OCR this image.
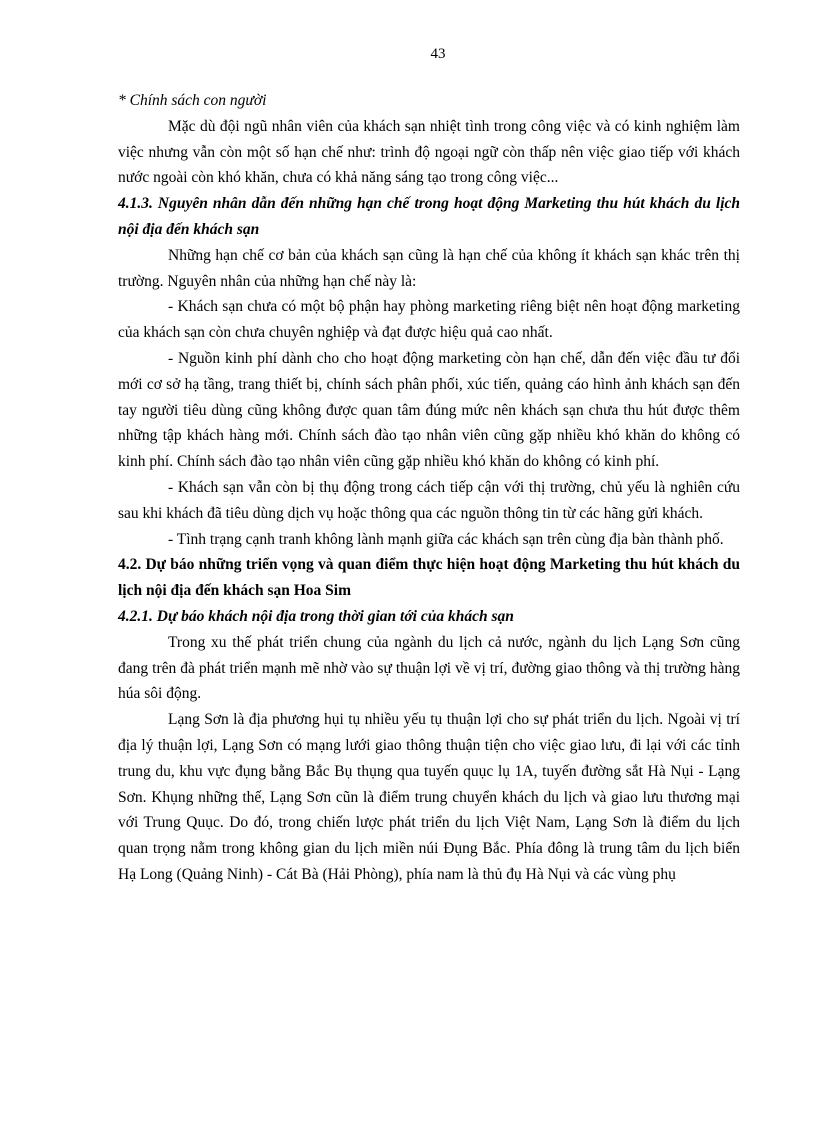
43

* Chính sách con người

Mặc dù đội ngũ nhân viên của khách sạn nhiệt tình trong công việc và có kinh nghiệm làm việc nhưng vẫn còn một số hạn chế như: trình độ ngoại ngữ còn thấp nên việc giao tiếp với khách nước ngoài còn khó khăn, chưa có khả năng sáng tạo trong công việc...

4.1.3. Nguyên nhân dẫn đến những hạn chế trong hoạt động Marketing thu hút khách du lịch nội địa đến khách sạn

Những hạn chế cơ bản của khách sạn cũng là hạn chế của không ít khách sạn khác trên thị trường. Nguyên nhân của những hạn chế này là:

- Khách sạn chưa có một bộ phận hay phòng marketing riêng biệt nên hoạt động marketing của khách sạn còn chưa chuyên nghiệp và đạt được hiệu quả cao nhất.

- Nguồn kinh phí dành cho cho hoạt động marketing còn hạn chế, dẫn đến việc đầu tư đổi mới cơ sở hạ tầng, trang thiết bị, chính sách phân phối, xúc tiến, quảng cáo hình ảnh khách sạn đến tay người tiêu dùng cũng không được quan tâm đúng mức nên khách sạn chưa thu hút được thêm những tập khách hàng mới. Chính sách đào tạo nhân viên cũng gặp nhiều khó khăn do không có kinh phí. Chính sách đào tạo nhân viên cũng gặp nhiều khó khăn do không có kinh phí.

- Khách sạn vẫn còn bị thụ động trong cách tiếp cận với thị trường, chủ yếu là nghiên cứu sau khi khách đã tiêu dùng dịch vụ hoặc thông qua các nguồn thông tin từ các hãng gửi khách.

- Tình trạng cạnh tranh không lành mạnh giữa các khách sạn trên cùng địa bàn thành phố.

4.2. Dự báo những triển vọng và quan điểm thực hiện hoạt động Marketing thu hút khách du lịch nội địa đến khách sạn Hoa Sim

4.2.1. Dự báo khách nội địa trong thời gian tới của khách sạn

Trong xu thế phát triển chung của ngành du lịch cả nước, ngành du lịch Lạng Sơn cũng đang trên đà phát triển mạnh mẽ nhờ vào sự thuận lợi về vị trí, đường giao thông và thị trường hàng húa sôi động.

Lạng Sơn là địa phương hụi tụ nhiều yếu tụ thuận lợi cho sự phát triển du lịch. Ngoài vị trí địa lý thuận lợi, Lạng Sơn có mạng lưới giao thông thuận tiện cho việc giao lưu, đi lại với các tỉnh trung du, khu vực đụng bằng Bắc Bụ thụng qua tuyến quục lụ 1A, tuyến đường sắt Hà Nụi - Lạng Sơn. Khụng những thế, Lạng Sơn cũn là điểm trung chuyển khách du lịch và giao lưu thương mại với Trung Quục. Do đó, trong chiến lược phát triển du lịch Việt Nam, Lạng Sơn là điểm du lịch quan trọng nằm trong không gian du lịch miền núi Đụng Bắc. Phía đông là trung tâm du lịch biển Hạ Long (Quảng Ninh) - Cát Bà (Hải Phòng), phía nam là thủ đụ Hà Nụi và các vùng phụ
